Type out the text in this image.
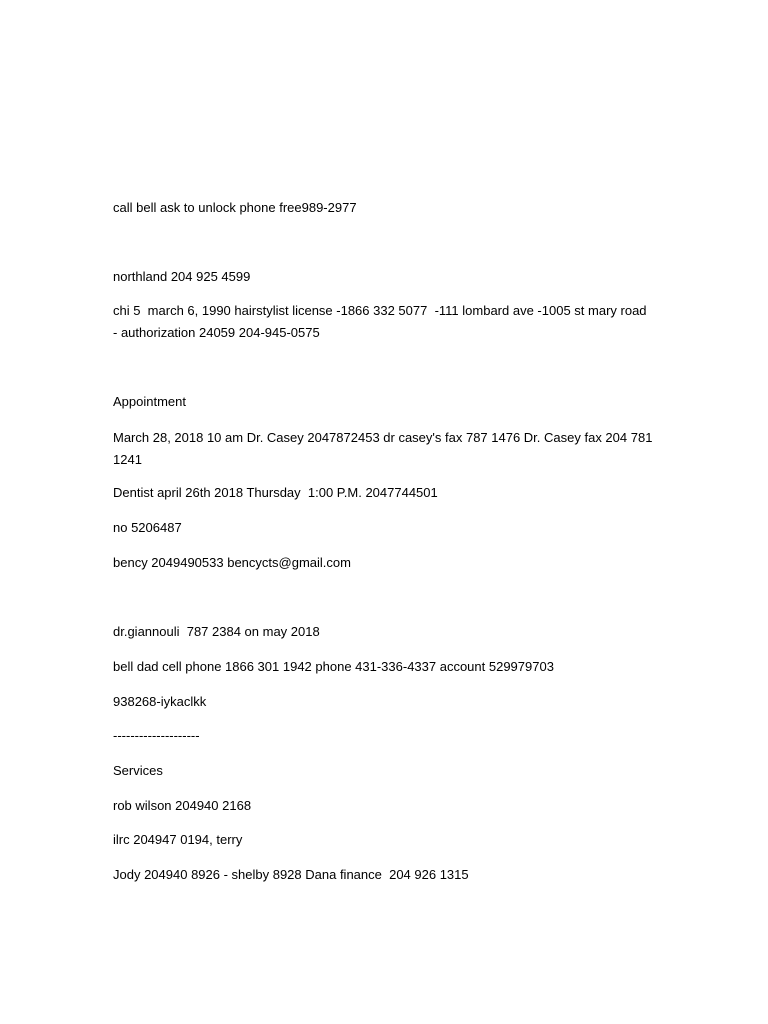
call bell ask to unlock phone free989-2977

northland 204 925 4599

chi 5  march 6, 1990 hairstylist license -1866 332 5077  -111 lombard ave -1005 st mary road - authorization 24059 204-945-0575

Appointment

March 28, 2018 10 am Dr. Casey 2047872453 dr casey's fax 787 1476 Dr. Casey fax 204 781 1241

Dentist april 26th 2018 Thursday  1:00 P.M. 2047744501

no 5206487

bency 2049490533 bencycts@gmail.com

dr.giannouli  787 2384 on may 2018

bell dad cell phone 1866 301 1942 phone 431-336-4337 account 529979703

938268-iykaclkk

--------------------

Services

rob wilson 204940 2168

ilrc 204947 0194, terry

Jody 204940 8926 - shelby 8928 Dana finance  204 926 1315
